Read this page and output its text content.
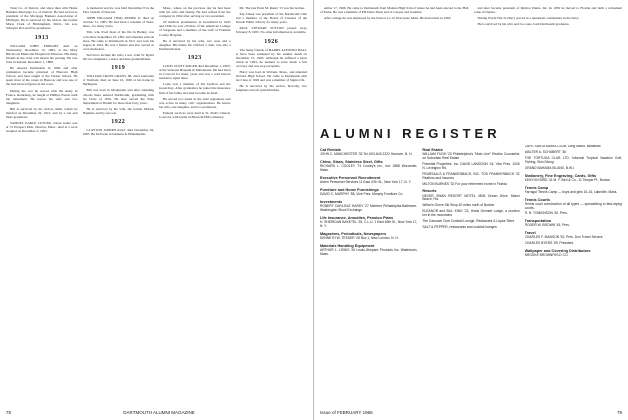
Trust Co. of Detroit, and since then with Home Builders Mortgage Co. of Detroit. He had served as president of the Mortgage Bankers Association of Michigan. He is survived by his widow, the former Marie Clark of Birmingham, Mich., his son, Schuyler Rol and five grandsons.

1913

WILLIAM JOHN ENRIGHT died on Wednesday, December 15, 1965, at the Mary Hitchcock Memorial Hospital in Hanover. His many friends in the class will mourn his passing. He was born in Ireland, December 1, 1889.

He entered Dartmouth in 1909 and after graduation became principal of Hanover High School, and later taught at the Tucker School. He spent most of his career in Hanover and was one of the best known figures in the town.

During the war he served with the Army in France. Returning, he taught at Phillips Exeter until his retirement. He leaves his wife and two daughters.

Bill is survived by his widow, Ruth, whom he married on December 22, 1915, and by a son and three grandsons.

SAMUEL EARLE CUTLER, whose home was at 72 Prospect Park, Newton, Mass., died at a local hospital on December 3, 1965.

A memorial service was held December 8 in the Eliot Church of Newton.

JOHN WILLIAM (TIM) RYDER Jr. died on October 31, 1965. He had been a resident of Ware, Mass., for many years.

Tim, who lived most of his life in Hadley, was born there September 23, 1891 and attended schools there. He came to Dartmouth in 1911 and took his degree in 1914. He was a farmer and also served as town moderator.

Survivors include his wife; a son, John W. Ryder III; two daughters; a sister and nine grandchildren.

1919

WILLIAM CROSS GRANT, 68, chief sanitarian of Vermont, died on June 16, 1965 at his home in Burlington.

Bill was born in Montpelier and after attending schools there entered Dartmouth, graduating with the Class of 1919. He later served the State Department of Health for more than forty years.

He is survived by his wife, the former Marion Hopkins, and by one son.

1922

CLAYTON JOSEPH AULT died December 26, 1965. He had been in business in Philadelphia.

Mass., where on the previous day he had been with his wife and family. He had retired from the company in 1962 after serving as vice president.

Of medical prominence in Greenfield in 1945 and 1946, he was a Fellow of the American College of Surgeons and a member of the staff of Franklin County Hospital.

He is survived by his wife, two sons and a daughter. His father, Dr. Clifford J. Ault, was also a Dartmouth man.

1923

LOUIS SCOTT ROGER died December 1, 1965, at the Veterans Hospital in Manchester. He had lived in Concord for many years and was a well known insurance agent there.

Louis was a member of Psi Upsilon and the Green Key. After graduation he joined the insurance firm of his father and later became its head.

He served two terms in the state legislature and was active in many civic organizations. He leaves his wife, one daughter, and two grandsons.

Funeral services were held at St. Paul's Church, Concord, with burial in Blossom Hill Cemetery.

Mr. The late Ernst M. Ruder '13 was his brother.

Kip Cheek was president of the Dartmouth Club and a member of the Board of Trustees of the Boston Public Library for many years.

PAUL STEWART SUTTON passed away February 8, 1965. No other information is available.

1926

The many friends of HARRY ALFONSO HALL in have been saddened by his sudden death on December 15, 1965. Although he suffered a heart attack in 1963, he seemed to have made a full recovery and was in good spirits.

Harry was born in Woburn, Mass., and attended Woburn High School. He came to Dartmouth with the Class of 1926 and was a member of Sigma Chi.

He is survived by his widow, Dorothy, two daughters and six grandchildren.

78	DARTMOUTH ALUMNI MAGAZINE

ember 17, 1966. He came to Dartmouth from Malden High School where he had been elected to the Hall of Fame. He was a member of Phi Delta Theta and of Casque and Gauntlet.

After college he was employed by the Norton Co. in Worcester, Mass. He had retired in 1963.

and later became president of Rymtor Paints, Inc. In 1959 he moved to Florida and built a retirement home in Naples.

During World War II, Harry served as a lieutenant commander in the Navy.

He is survived by his wife and two sons, both Dartmouth graduates.

ALUMNI REGISTER
Cat Rentals
JOHN C. MANCHESTER '33 Tel: 603-643-2222 Hanover, N. H.
China, Glass, Stainless Steel, Gifts
RICHARD L. COOLEY '74 Cooley's Inc., est. 1888 Worcester, Mass.
Executive Personnel Recruitment
Arden Personnel Services 11 East 47th St., New York 17, N. Y.
Furniture and Home Furnishings
DAVID C. MURPHY '58, Vice Pres. Murphy Furniture Co.
Investments
ROBERT CARLISLE HARDY '27 Member Philadelphia-Baltimore-Washington Stock Exchange
Life Insurance, Annuities, Pension Plans
H. SHERIDAN BAKETEL '25, C.L.U. 1 East 45th St., New York 17, N. Y.
Magazines, Periodicals, Newspapers
KENNETH W. TESSER '28 Box 1, New London, N. H.
Materials Handling Equipment
ARTHUR L. LEWIS '26 Lewis-Shepard Products Inc. Watertown, Mass.
Real Estate
WILLIAM FUGH '23 Philadelphia's "Main Line" Realtor Counsellor on Suburban Real Estate
Potential Properties, Inc. DAVID LANGDON '44, Vice Pres. 1026 N. Lexington Rd.
PEARSALLS & FRANKENBACH, INC. TOD FRANKENBACH '32 Realtors and Insurors
MILTON BURNES '32 For your retirement home in Florida
Resorts
NEVER SWAN RESORT MOTEL 4508 Ocean Drive, Miami Beach, Fla.
Wilton's Grove Ski Shop 40 miles north of Boston
ELEANOR and BILL KING '22, Hosts Dennett Lodge, a modern Inn in the mountains
The Carousel Club Cocktail Lounge, Restaurant & Liquor Store
SALT & PEPPER, restaurants and cocktail lounges
CAPE SANTA MARIA CLUB, Long Island, Bahamas
WALTER A. SCHUBERT '36
THE TORTUGA CLUB LTD. Informal Tropical Vacation Golf, Fishing, Skin Diving
GRAND BAHAMA ISLAND, B.W.I.
Stationery, Fine Engraving, Cards, Gifts
KENYON BIRD '41 M. F. Bird & Co., 11 Temple Pl., Boston
Tennis Camp
Farragut Tennis Camp — boys and girls 10-16, Lakeville, Mass.
Tennis Courts
Tennis court construction of all types — specializing in fast-drying courts.
R. N. TOMKINSON '40, Pres.
Transportation
ROGER W. BROWN '45, Pres.
Travel
CHARLES F. MANSON '52, Pres. Don Travel Service
CHARLES BYERS '59, President
Wallpaper and Covering Distributors
BROOKE BROWNFIELD CO.
Issue of FEBRUARY 1966	79
